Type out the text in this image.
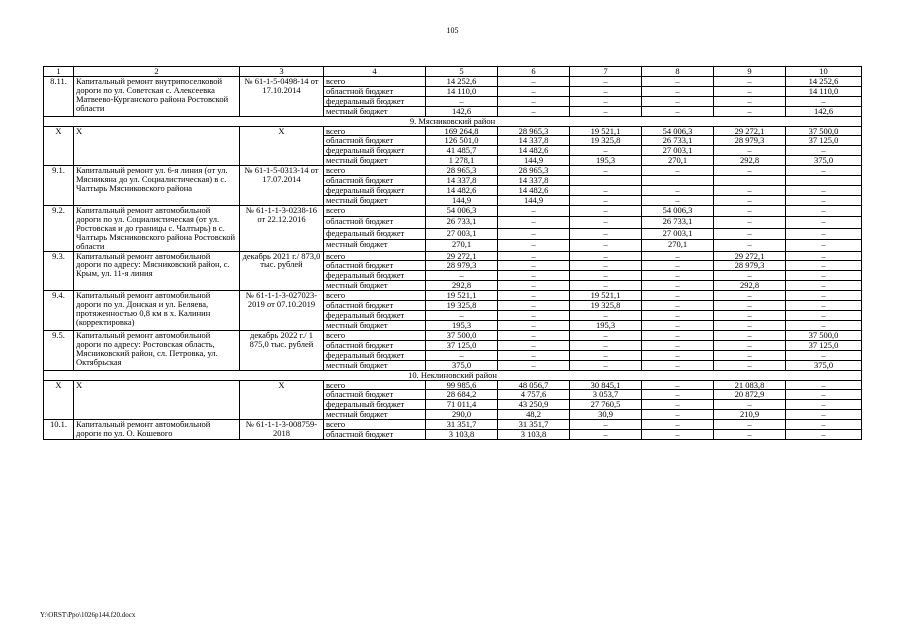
105
1	2	3	4	5	6	7	8	9	10
8.11.	Капитальный ремонт внутрипоселковой дороги по ул. Советская с. Алексеевка Матвеево-Курганского района Ростовской области	№ 61-1-5-0498-14 от 17.10.2014	всего	14 252,6	–	–	–	–	14 252,6
			областной бюджет	14 110,0	–	–	–	–	14 110,0
			федеральный бюджет	–	–	–	–	–	–
			местный бюджет	142,6	–	–	–	–	142,6
9. Мясниковский район									
Х	Х	Х	всего	169 264,8	28 965,3	19 521,1	54 006,3	29 272,1	37 500,0
			областной бюджет	126 501,0	14 337,8	19 325,8	26 733,1	28 979,3	37 125,0
			федеральный бюджет	41 485,7	14 482,6	–	27 003,1	–	–
			местный бюджет	1 278,1	144,9	195,3	270,1	292,8	375,0
9.1.	Капитальный ремонт ул. 6-я линия (от ул. Мясникяна до ул. Социалистическая) в с. Чалтырь Мясниковского района	№ 61-1-5-0313-14 от 17.07.2014	всего	28 965,3	28 965,3	–	–	–	–
			областной бюджет	14 337,8	14 337,8				
			федеральный бюджет	14 482,6	14 482,6	–	–	–	–
			местный бюджет	144,9	144,9	–	–	–	–
9.2.	Капитальный ремонт автомобильной дороги по ул. Социалистическая (от ул. Ростовская и до границы с. Чалтырь) в с. Чалтырь Мясниковского района Ростовской области	№ 61-1-1-3-0238-16 от 22.12.2016	всего	54 006,3	–	–	54 006,3	–	–
			областной бюджет	26 733,1	–	–	26 733,1	–	–
			федеральный бюджет	27 003,1	–	–	27 003,1	–	–
			местный бюджет	270,1	–	–	270,1	–	–
9.3.	Капитальный ремонт автомобильной дороги по адресу: Мясниковский район, с. Крым, ул. 11-я линия	декабрь 2021 г./ 873,0 тыс. рублей	всего	29 272,1	–	–	–	29 272,1	–
			областной бюджет	28 979,3	–	–	–	28 979,3	–
			федеральный бюджет	–	–	–	–	–	–
			местный бюджет	292,8	–	–	–	292,8	–
9.4.	Капитальный ремонт автомобильной дороги по ул. Донская и ул. Беляева, протяженностью 0,8 км в х. Калинин (корректировка)	№ 61-1-1-3-027023-2019 от 07.10.2019	всего	19 521,1	–	19 521,1	–	–	–
			областной бюджет	19 325,8	–	19 325,8	–	–	–
			федеральный бюджет	–	–	–	–	–	–
			местный бюджет	195,3	–	195,3	–	–	–
9.5.	Капитальный ремонт автомобильной дороги по адресу: Ростовская область, Мясниковский район, сл. Петровка, ул. Октябрьская	декабрь 2022 г./ 1 875,0 тыс. рублей	всего	37 500,0	–	–	–	–	37 500,0
			областной бюджет	37 125,0	–	–	–	–	37 125,0
			федеральный бюджет	–	–	–	–	–	–
			местный бюджет	375,0	–	–	–	–	375,0
10. Неклиновский район									
Х	Х	Х	всего	99 985,6	48 056,7	30 845,1	–	21 083,8	–
			областной бюджет	28 684,2	4 757,6	3 053,7	–	20 872,9	–
			федеральный бюджет	71 011,4	43 250,9	27 760,5	–	–	–
			местный бюджет	290,0	48,2	30,9	–	210,9	–
10.1.	Капитальный ремонт автомобильной дороги по ул. О. Кошевого	№ 61-1-1-3-008759-2018	всего	31 351,7	31 351,7	–	–	–	–
			областной бюджет	3 103,8	3 103,8	–	–	–	–
Y:\ORST\Ppo\1026p144.f20.docx
